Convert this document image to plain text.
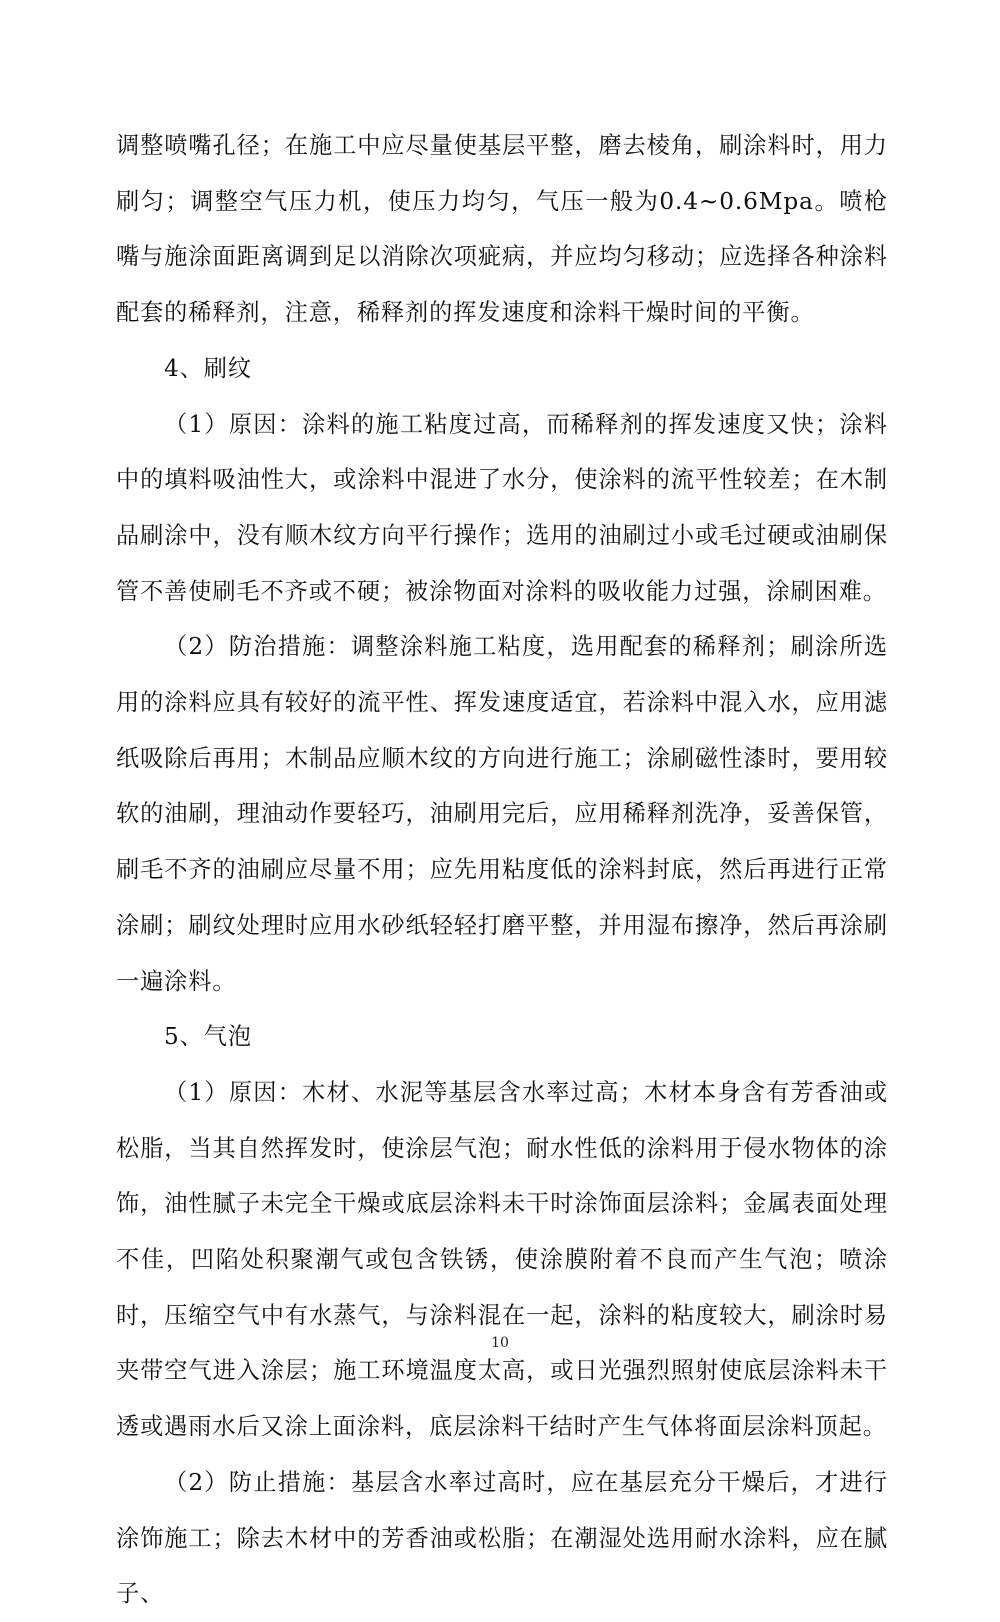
调整喷嘴孔径；在施工中应尽量使基层平整，磨去棱角，刷涂料时，用力刷匀；调整空气压力机，使压力均匀，气压一般为0.4~0.6Mpa。喷枪嘴与施涂面距离调到足以消除次项疵病，并应均匀移动；应选择各种涂料配套的稀释剂，注意，稀释剂的挥发速度和涂料干燥时间的平衡。

4、刷纹

（1）原因：涂料的施工粘度过高，而稀释剂的挥发速度又快；涂料中的填料吸油性大，或涂料中混进了水分，使涂料的流平性较差；在木制品刷涂中，没有顺木纹方向平行操作；选用的油刷过小或毛过硬或油刷保管不善使刷毛不齐或不硬；被涂物面对涂料的吸收能力过强，涂刷困难。

（2）防治措施：调整涂料施工粘度，选用配套的稀释剂；刷涂所选用的涂料应具有较好的流平性、挥发速度适宜，若涂料中混入水，应用滤纸吸除后再用；木制品应顺木纹的方向进行施工；涂刷磁性漆时，要用较软的油刷，理油动作要轻巧，油刷用完后，应用稀释剂洗净，妥善保管，刷毛不齐的油刷应尽量不用；应先用粘度低的涂料封底，然后再进行正常涂刷；刷纹处理时应用水砂纸轻轻打磨平整，并用湿布擦净，然后再涂刷一遍涂料。

5、气泡

（1）原因：木材、水泥等基层含水率过高；木材本身含有芳香油或松脂，当其自然挥发时，使涂层气泡；耐水性低的涂料用于侵水物体的涂饰，油性腻子未完全干燥或底层涂料未干时涂饰面层涂料；金属表面处理不佳，凹陷处积聚潮气或包含铁锈，使涂膜附着不良而产生气泡；喷涂时，压缩空气中有水蒸气，与涂料混在一起，涂料的粘度较大，刷涂时易夹带空气进入涂层；施工环境温度太高，或日光强烈照射使底层涂料未干透或遇雨水后又涂上面涂料，底层涂料干结时产生气体将面层涂料顶起。

（2）防止措施：基层含水率过高时，应在基层充分干燥后，才进行涂饰施工；除去木材中的芳香油或松脂；在潮湿处选用耐水涂料，应在腻子、

10
